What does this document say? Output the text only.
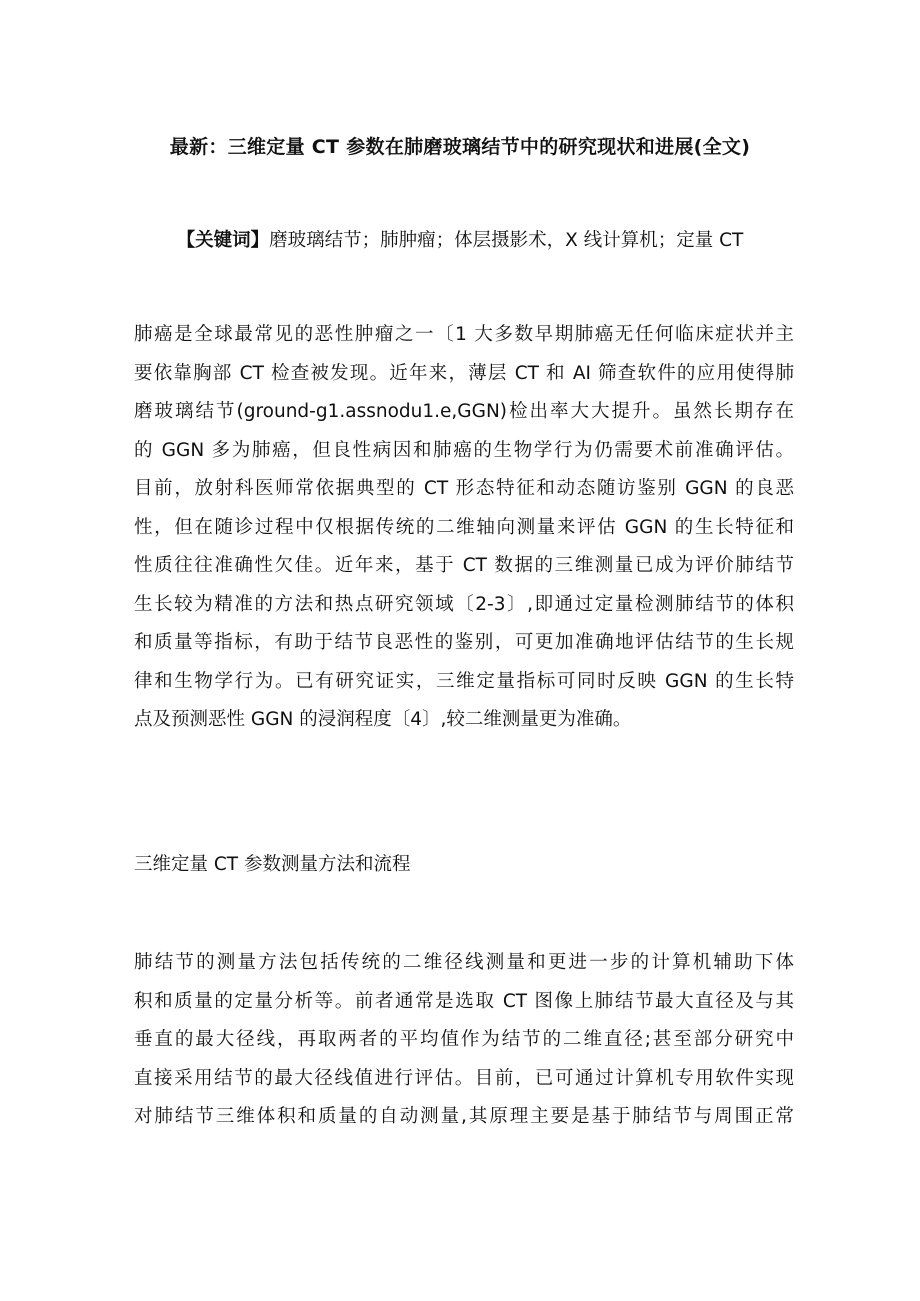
最新：三维定量 CT 参数在肺磨玻璃结节中的研究现状和进展(全文)
【关键词】磨玻璃结节；肺肿瘤；体层摄影术，X 线计算机；定量 CT
肺癌是全球最常见的恶性肿瘤之一〔1 大多数早期肺癌无任何临床症状并主
要依靠胸部 CT 检查被发现。近年来，薄层 CT 和 AI 筛查软件的应用使得肺
磨玻璃结节(ground-g1.assnodu1.e,GGN)检出率大大提升。虽然长期存在
的 GGN 多为肺癌，但良性病因和肺癌的生物学行为仍需要术前准确评估。
目前，放射科医师常依据典型的 CT 形态特征和动态随访鉴别 GGN 的良恶
性，但在随诊过程中仅根据传统的二维轴向测量来评估 GGN 的生长特征和
性质往往准确性欠佳。近年来，基于 CT 数据的三维测量已成为评价肺结节
生长较为精准的方法和热点研究领域〔2-3〕,即通过定量检测肺结节的体积
和质量等指标，有助于结节良恶性的鉴别，可更加准确地评估结节的生长规
律和生物学行为。已有研究证实，三维定量指标可同时反映 GGN 的生长特
点及预测恶性 GGN 的浸润程度〔4〕,较二维测量更为准确。
三维定量 CT 参数测量方法和流程
肺结节的测量方法包括传统的二维径线测量和更进一步的计算机辅助下体
积和质量的定量分析等。前者通常是选取 CT 图像上肺结节最大直径及与其
垂直的最大径线，再取两者的平均值作为结节的二维直径;甚至部分研究中
直接采用结节的最大径线值进行评估。目前，已可通过计算机专用软件实现
对肺结节三维体积和质量的自动测量,其原理主要是基于肺结节与周围正常
